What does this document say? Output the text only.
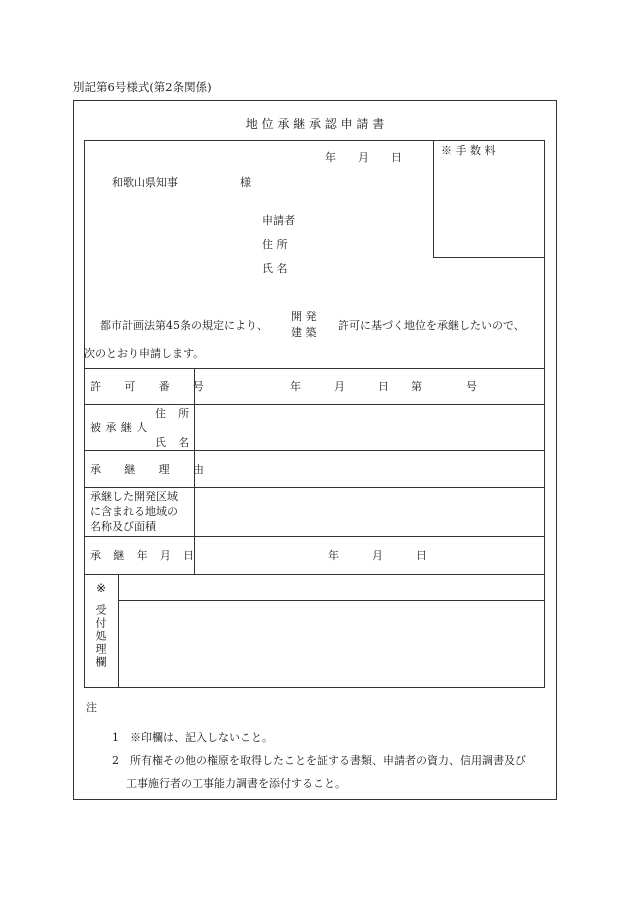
別記第6号様式(第2条関係)
地 位 承 継 承 認 申 請 書
※ 手 数 料
年　　月　　日
和歌山県知事	様
申請者
住 所
氏 名
都市計画法第45条の規定により、
開 発
建 築
許可に基づく地位を承継したいので、
次のとおり申請します。
許 可 番 号	年　　　月　　　日　　第　　　　号
住 所
被承継人
氏 名
承 継 理 由
承継した開発区域
に含まれる地域の
名称及び面積
承 継 年 月 日	年　　　月　　　日
※
受付処理欄
注
1　※印欄は、記入しないこと。
2　所有権その他の権原を取得したことを証する書類、申請者の資力、信用調書及び
工事施行者の工事能力調書を添付すること。
